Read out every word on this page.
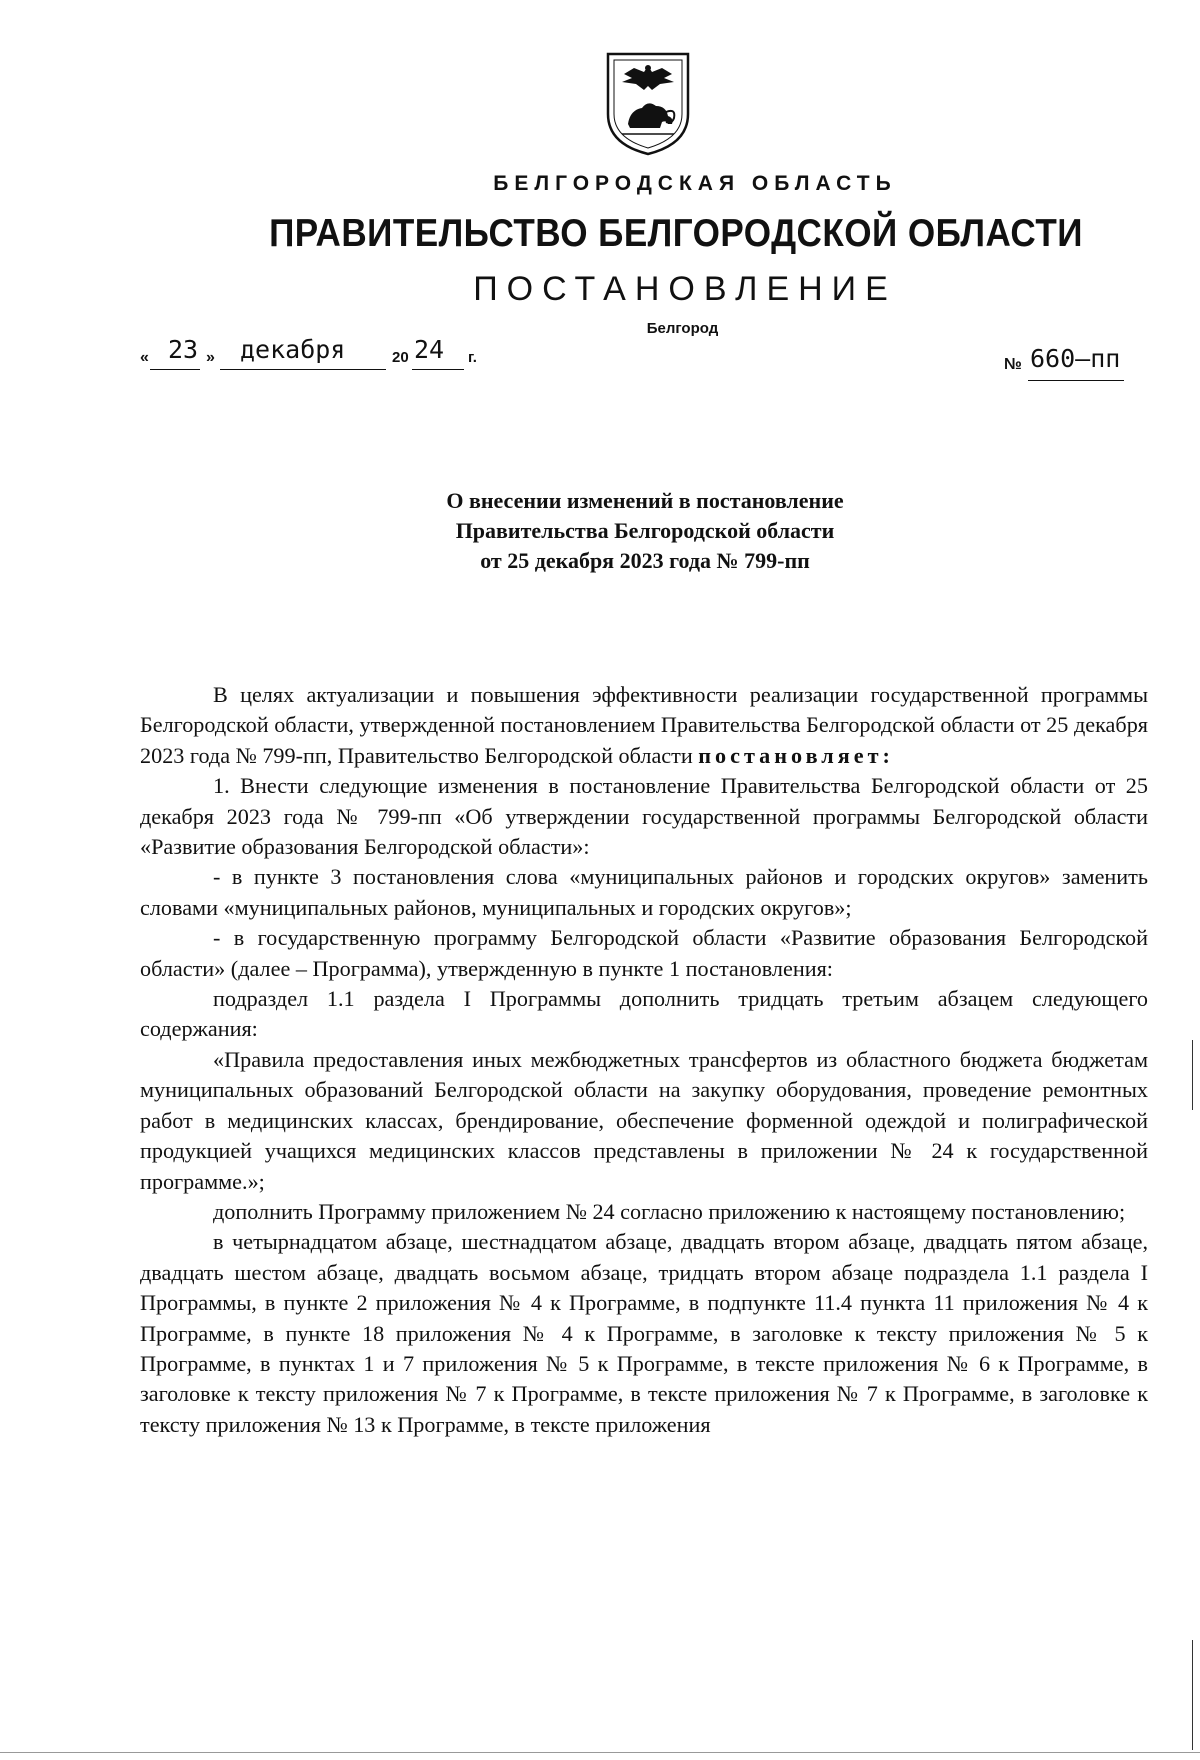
БЕЛГОРОДСКАЯ ОБЛАСТЬ
ПРАВИТЕЛЬСТВО БЕЛГОРОДСКОЙ ОБЛАСТИ
ПОСТАНОВЛЕНИЕ
Белгород
« 23 » декабря	20 24 г.	№ 660–пп
О внесении изменений в постановление
Правительства Белгородской области
от 25 декабря 2023 года № 799-пп

В целях актуализации и повышения эффективности реализации государственной программы Белгородской области, утвержденной постановлением Правительства Белгородской области от 25 декабря 2023 года № 799-пп, Правительство Белгородской области постановляет:

1. Внести следующие изменения в постановление Правительства Белгородской области от 25 декабря 2023 года № 799-пп «Об утверждении государственной программы Белгородской области «Развитие образования Белгородской области»:

- в пункте 3 постановления слова «муниципальных районов и городских округов» заменить словами «муниципальных районов, муниципальных и городских округов»;

- в государственную программу Белгородской области «Развитие образования Белгородской области» (далее – Программа), утвержденную в пункте 1 постановления:

подраздел 1.1 раздела I Программы дополнить тридцать третьим абзацем следующего содержания:

«Правила предоставления иных межбюджетных трансфертов из областного бюджета бюджетам муниципальных образований Белгородской области на закупку оборудования, проведение ремонтных работ в медицинских классах, брендирование, обеспечение форменной одеждой и полиграфической продукцией учащихся медицинских классов представлены в приложении № 24 к государственной программе.»;

дополнить Программу приложением № 24 согласно приложению к настоящему постановлению;

в четырнадцатом абзаце, шестнадцатом абзаце, двадцать втором абзаце, двадцать пятом абзаце, двадцать шестом абзаце, двадцать восьмом абзаце, тридцать втором абзаце подраздела 1.1 раздела I Программы, в пункте 2 приложения № 4 к Программе, в подпункте 11.4 пункта 11 приложения № 4 к Программе, в пункте 18 приложения № 4 к Программе, в заголовке к тексту приложения № 5 к Программе, в пунктах 1 и 7 приложения № 5 к Программе, в тексте приложения № 6 к Программе, в заголовке к тексту приложения № 7 к Программе, в тексте приложения № 7 к Программе, в заголовке к тексту приложения № 13 к Программе, в тексте приложения
